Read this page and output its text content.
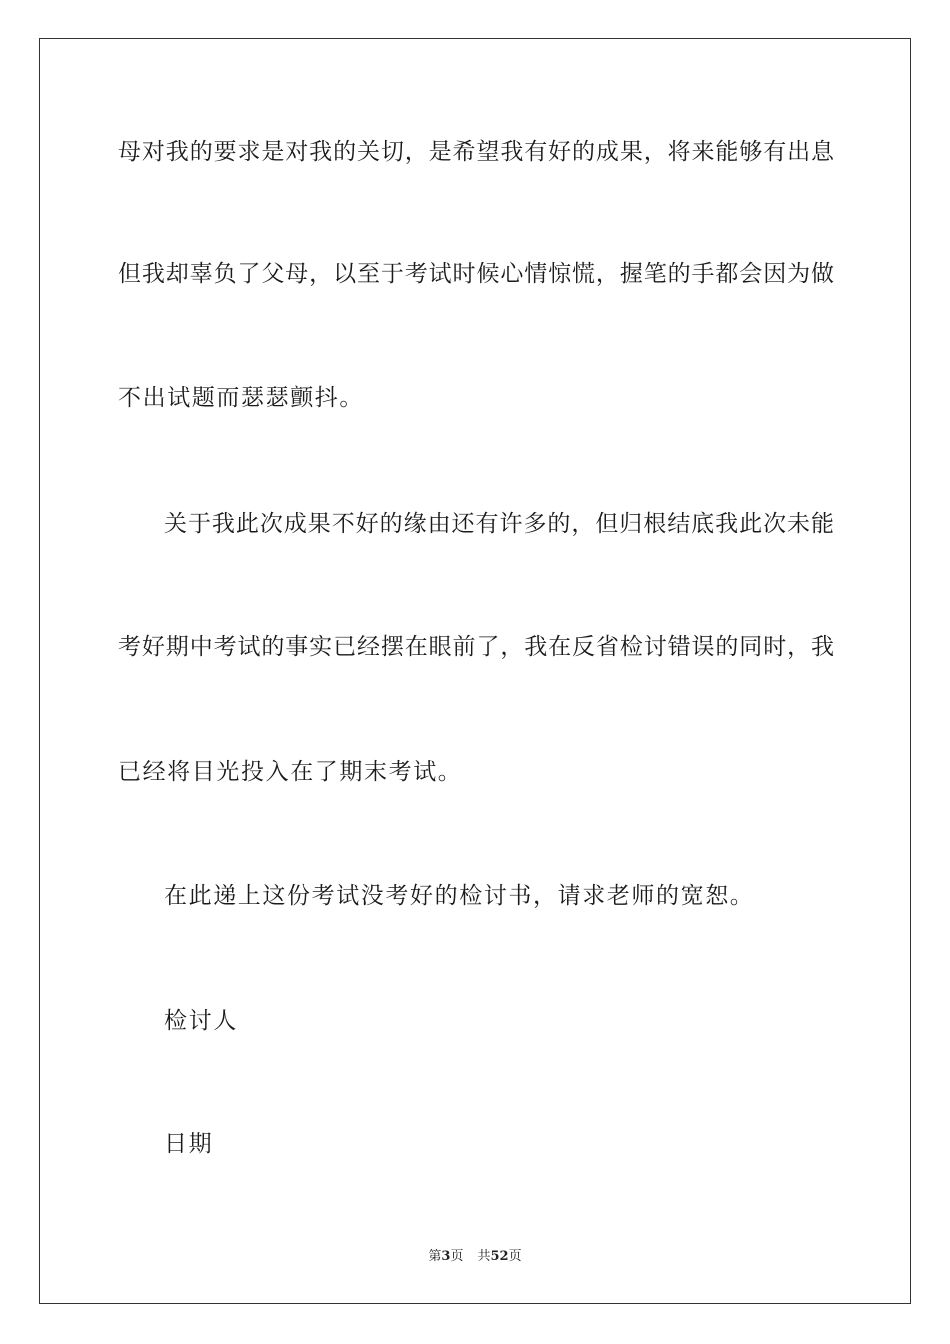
母对我的要求是对我的关切，是希望我有好的成果，将来能够有出息
但我却辜负了父母，以至于考试时候心情惊慌，握笔的手都会因为做
不出试题而瑟瑟颤抖。
关于我此次成果不好的缘由还有许多的，但归根结底我此次未能
考好期中考试的事实已经摆在眼前了，我在反省检讨错误的同时，我
已经将目光投入在了期末考试。
在此递上这份考试没考好的检讨书，请求老师的宽恕。
检讨人
日期
第3页 共52页
